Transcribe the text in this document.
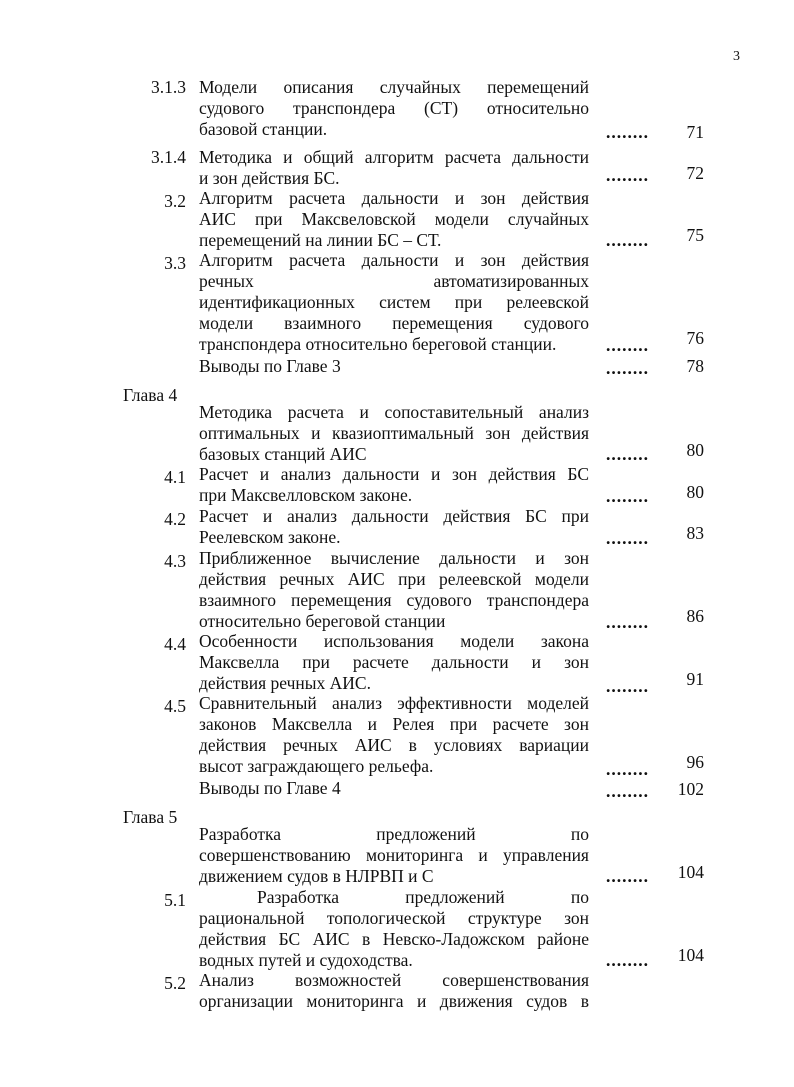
3
3.1.3 Модели описания случайных перемещений
судового транспондера (СТ) относительно
базовой станции.	........	71
3.1.4 Методика и общий алгоритм расчета дальности
и зон действия БС.	........	72
3.2 Алгоритм расчета дальности и зон действия
АИС при Максвеловской модели случайных
перемещений на линии БС – СТ.	........	75
3.3 Алгоритм расчета дальности и зон действия
речных автоматизированных
идентификационных систем при релеевской
модели взаимного перемещения судового
транспондера относительно береговой станции.	........	76
Выводы по Главе 3	........	78
Глава 4
Методика расчета и сопоставительный анализ
оптимальных и квазиоптимальный зон действия
базовых станций АИС	........	80
4.1 Расчет и анализ дальности и зон действия БС
при Максвелловском законе.	........	80
4.2 Расчет и анализ дальности действия БС при
Реелевском законе.	........	83
4.3 Приближенное вычисление дальности и зон
действия речных АИС при релеевской модели
взаимного перемещения судового транспондера
относительно береговой станции	........	86
4.4 Особенности использования модели закона
Максвелла при расчете дальности и зон
действия речных АИС.	........	91
4.5 Сравнительный анализ эффективности моделей
законов Максвелла и Релея при расчете зон
действия речных АИС в условиях вариации
высот заграждающего рельефа.	........	96
Выводы по Главе 4	........	102
Глава 5
Разработка предложений по
совершенствованию мониторинга и управления
движением судов в НЛРВП и С	........	104
5.1	Разработка предложений по
рациональной топологической структуре зон
действия БС АИС в Невско-Ладожском районе
водных путей и судоходства.	........	104
5.2 Анализ возможностей совершенствования
организации мониторинга и движения судов в
